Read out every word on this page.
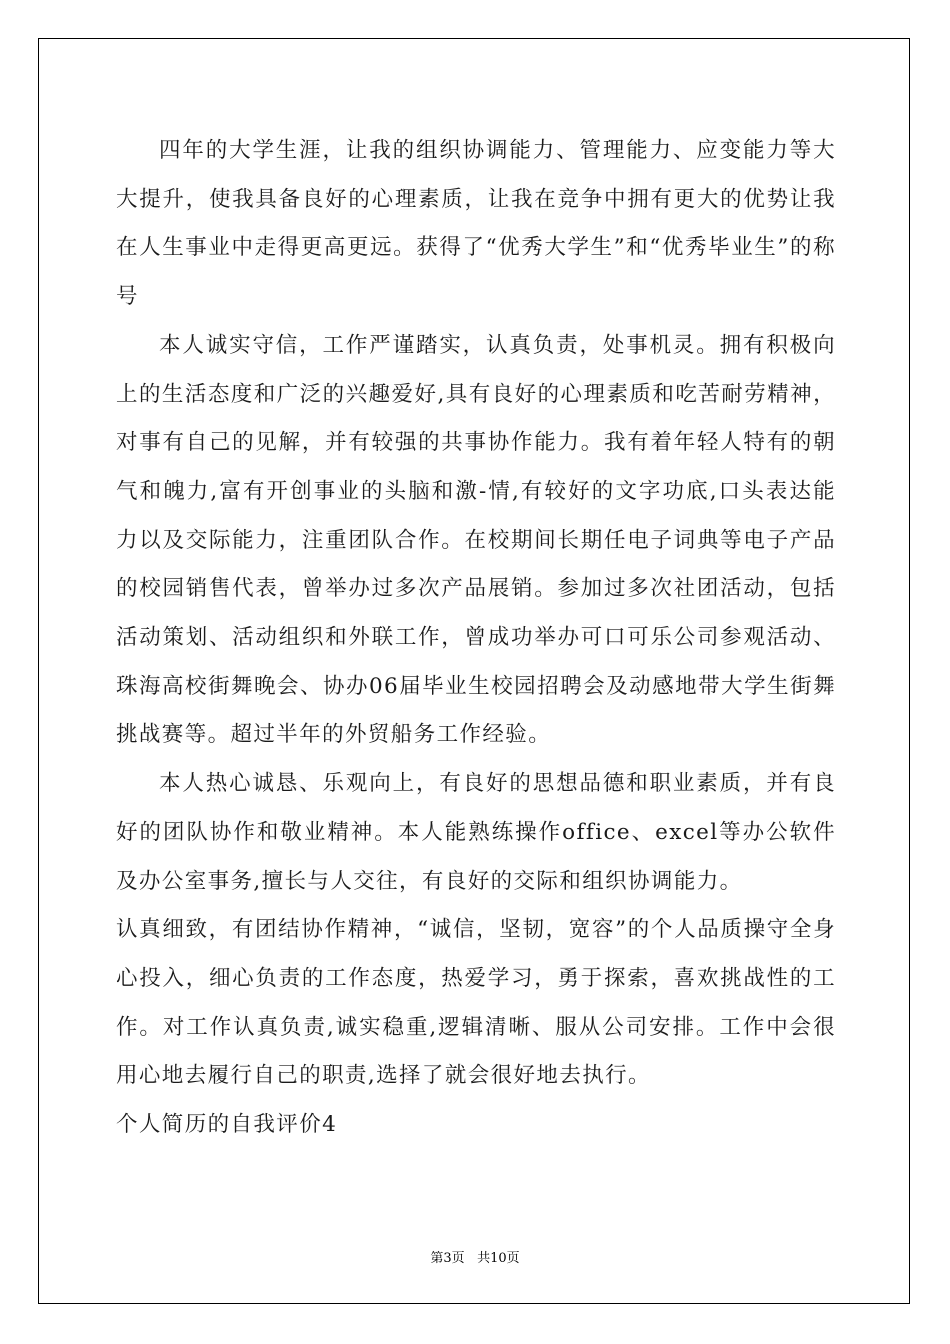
四年的大学生涯，让我的组织协调能力、管理能力、应变能力等大大提升，使我具备良好的心理素质，让我在竞争中拥有更大的优势让我在人生事业中走得更高更远。获得了“优秀大学生”和“优秀毕业生”的称号

本人诚实守信，工作严谨踏实，认真负责，处事机灵。拥有积极向上的生活态度和广泛的兴趣爱好,具有良好的心理素质和吃苦耐劳精神，对事有自己的见解，并有较强的共事协作能力。我有着年轻人特有的朝气和魄力,富有开创事业的头脑和激-情,有较好的文字功底,口头表达能力以及交际能力，注重团队合作。在校期间长期任电子词典等电子产品的校园销售代表，曾举办过多次产品展销。参加过多次社团活动，包括活动策划、活动组织和外联工作，曾成功举办可口可乐公司参观活动、珠海高校街舞晚会、协办06届毕业生校园招聘会及动感地带大学生街舞挑战赛等。超过半年的外贸船务工作经验。

本人热心诚恳、乐观向上，有良好的思想品德和职业素质，并有良好的团队协作和敬业精神。本人能熟练操作office、excel等办公软件及办公室事务,擅长与人交往，有良好的交际和组织协调能力。

认真细致，有团结协作精神，“诚信，坚韧，宽容”的个人品质操守全身心投入，细心负责的工作态度，热爱学习，勇于探索，喜欢挑战性的工作。对工作认真负责,诚实稳重,逻辑清晰、服从公司安排。工作中会很用心地去履行自己的职责,选择了就会很好地去执行。

个人简历的自我评价4

第3页 共10页
